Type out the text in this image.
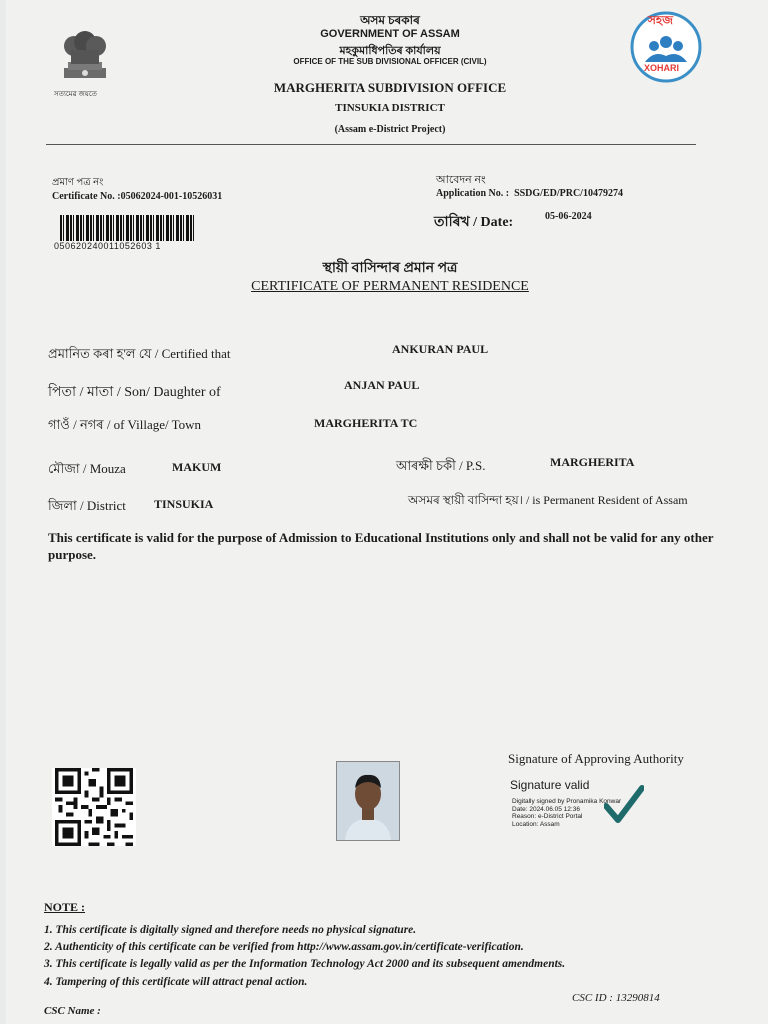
সত্যমেৱ জয়তে
অসম চৰকাৰ
GOVERNMENT OF ASSAM
মহকুমাধিপতিৰ কাৰ্যালয়
OFFICE OF THE SUB DIVISIONAL OFFICER (CIVIL)
MARGHERITA SUBDIVISION OFFICE
TINSUKIA DISTRICT
(Assam e-District Project)
সহজ
XOHARI
প্ৰমাণ পত্ৰ নং
Certificate No. :05062024-001-10526031
050620240011052603 1
আবেদন নং
Application No. : SSDG/ED/PRC/10479274
তাৰিখ / Date:	05-06-2024
স্থায়ী বাসিন্দাৰ প্ৰমান পত্ৰ
CERTIFICATE OF PERMANENT RESIDENCE
প্ৰমানিত কৰা হ'ল যে / Certified that	ANKURAN PAUL
পিতা / মাতা / Son/ Daughter of	ANJAN PAUL
গাওঁ / নগৰ / of Village/ Town	MARGHERITA TC
মৌজা / Mouza	MAKUM	আৰক্ষী চকী / P.S.	MARGHERITA
জিলা / District TINSUKIA	অসমৰ স্থায়ী বাসিন্দা হয়। / is Permanent Resident of Assam
This certificate is valid for the purpose of Admission to Educational Institutions only and shall not be valid for any other purpose.
Signature of Approving Authority
Signature valid
Digitally signed by Pronamika Konwar
Date: 2024.06.05 12:36
Reason: e-District Portal
Location: Assam
NOTE :
1. This certificate is digitally signed and therefore needs no physical signature.
2. Authenticity of this certificate can be verified from http://www.assam.gov.in/certificate-verification.
3. This certificate is legally valid as per the Information Technology Act 2000 and its subsequent amendments.
4. Tampering of this certificate will attract penal action.
CSC ID : 13290814
CSC Name :
